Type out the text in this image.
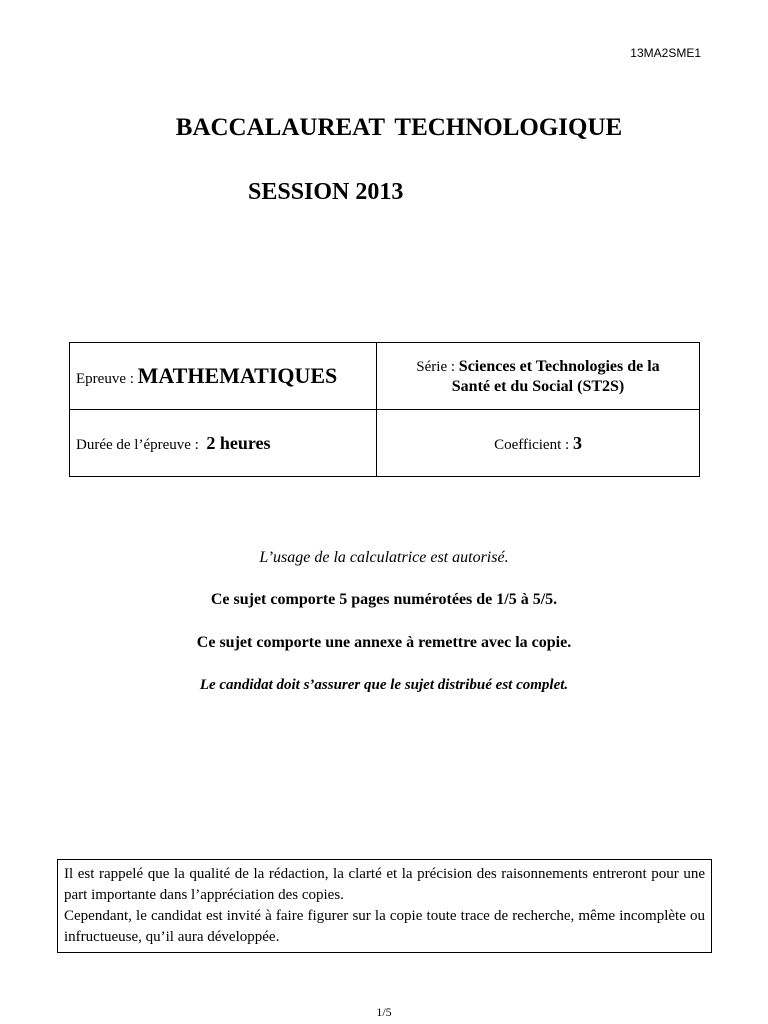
13MA2SME1
BACCALAUREAT TECHNOLOGIQUE
SESSION 2013
Epreuve : MATHEMATIQUES	Série : Sciences et Technologies de la
Santé et du Social (ST2S)

Durée de l’épreuve :  2 heures	Coefficient : 3
L’usage de la calculatrice est autorisé.
Ce sujet comporte 5 pages numérotées de 1/5 à 5/5.
Ce sujet comporte une annexe à remettre avec la copie.
Le candidat doit s’assurer que le sujet distribué est complet.

Il est rappelé que la qualité de la rédaction, la clarté et la précision des raisonnements entreront pour une part importante dans l’appréciation des copies.

Cependant, le candidat est invité à faire figurer sur la copie toute trace de recherche, même incomplète ou infructueuse, qu’il aura développée.

1/5
